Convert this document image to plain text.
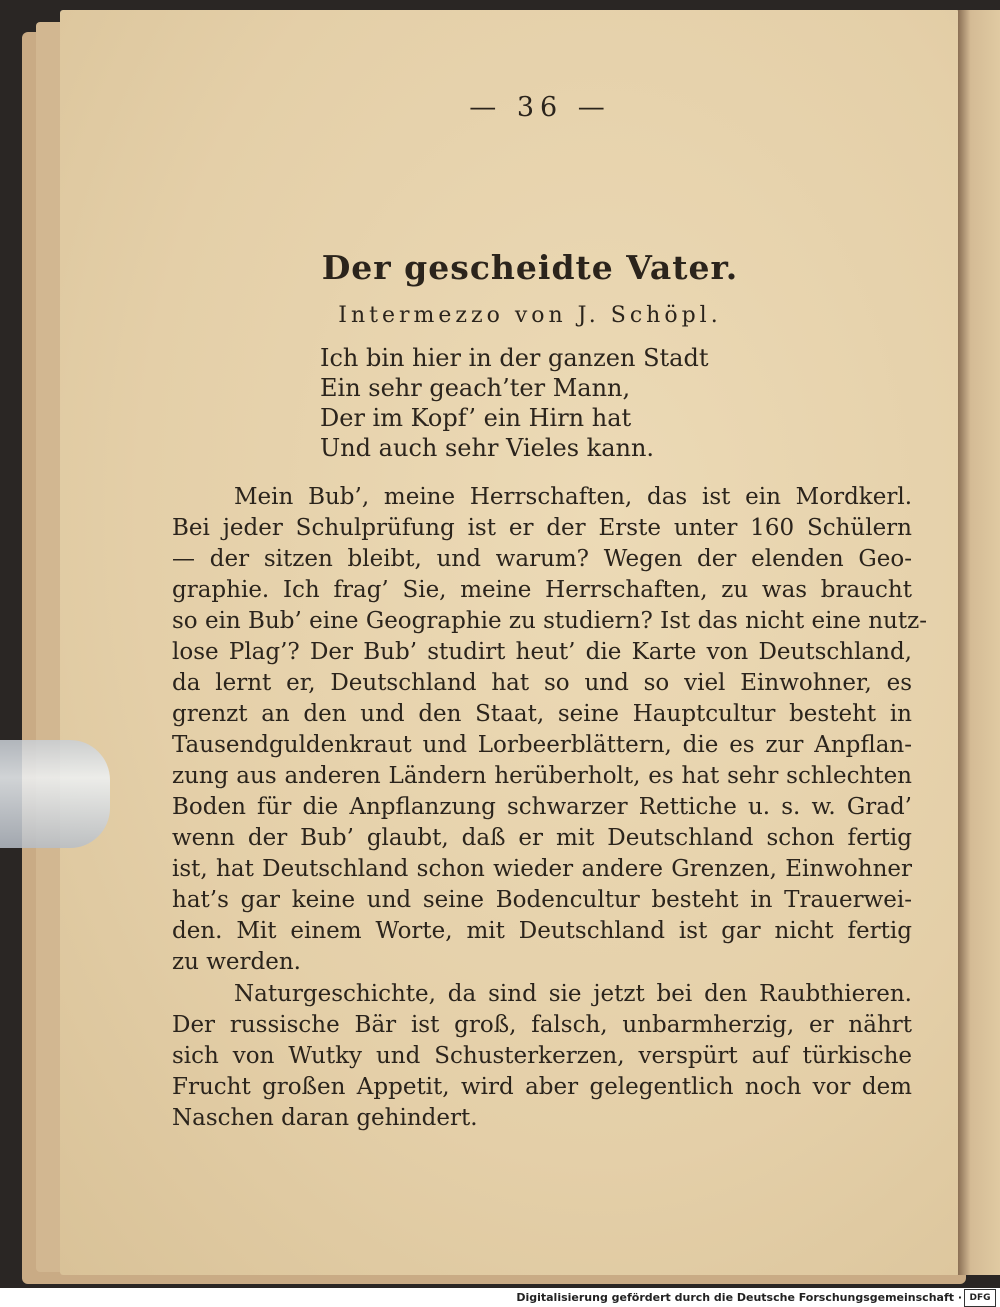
— 36 —
Der gescheidte Vater.
Intermezzo von J. Schöpl.
Ich bin hier in der ganzen Stadt
Ein sehr geach’ter Mann,
Der im Kopf’ ein Hirn hat
Und auch sehr Vieles kann.
Mein Bub’, meine Herrschaften, das ist ein Mordkerl.
Bei jeder Schulprüfung ist er der Erste unter 160 Schülern
— der sitzen bleibt, und warum? Wegen der elenden Geo-
graphie. Ich frag’ Sie, meine Herrschaften, zu was braucht
so ein Bub’ eine Geographie zu studiern? Ist das nicht eine nutz-
lose Plag’? Der Bub’ studirt heut’ die Karte von Deutschland,
da lernt er, Deutschland hat so und so viel Einwohner, es
grenzt an den und den Staat, seine Hauptcultur besteht in
Tausendguldenkraut und Lorbeerblättern, die es zur Anpflan-
zung aus anderen Ländern herüberholt, es hat sehr schlechten
Boden für die Anpflanzung schwarzer Rettiche u. s. w. Grad’
wenn der Bub’ glaubt, daß er mit Deutschland schon fertig
ist, hat Deutschland schon wieder andere Grenzen, Einwohner
hat’s gar keine und seine Bodencultur besteht in Trauerwei-
den. Mit einem Worte, mit Deutschland ist gar nicht fertig
zu werden.
Naturgeschichte, da sind sie jetzt bei den Raubthieren.
Der russische Bär ist groß, falsch, unbarmherzig, er nährt
sich von Wutky und Schusterkerzen, verspürt auf türkische
Frucht großen Appetit, wird aber gelegentlich noch vor dem
Naschen daran gehindert.
Digitalisierung gefördert durch die Deutsche Forschungsgemeinschaft · DFG
